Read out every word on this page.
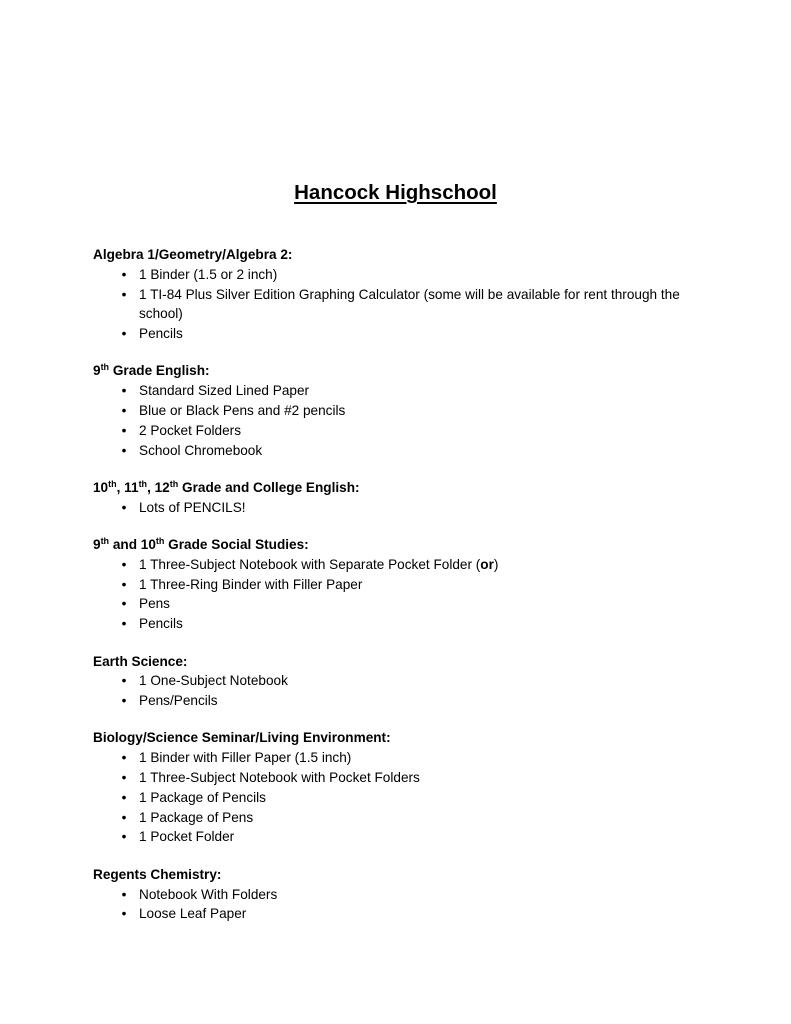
Hancock Highschool

Algebra 1/Geometry/Algebra 2:

• 1 Binder (1.5 or 2 inch)
• 1 TI-84 Plus Silver Edition Graphing Calculator (some will be available for rent through the school)
• Pencils

9th Grade English:

• Standard Sized Lined Paper
• Blue or Black Pens and #2 pencils
• 2 Pocket Folders
• School Chromebook

10th, 11th, 12th Grade and College English:

• Lots of PENCILS!

9th and 10th Grade Social Studies:

• 1 Three-Subject Notebook with Separate Pocket Folder (or)
• 1 Three-Ring Binder with Filler Paper
• Pens
• Pencils

Earth Science:

• 1 One-Subject Notebook
• Pens/Pencils

Biology/Science Seminar/Living Environment:

• 1 Binder with Filler Paper (1.5 inch)
• 1 Three-Subject Notebook with Pocket Folders
• 1 Package of Pencils
• 1 Package of Pens
• 1 Pocket Folder

Regents Chemistry:

• Notebook With Folders
• Loose Leaf Paper
